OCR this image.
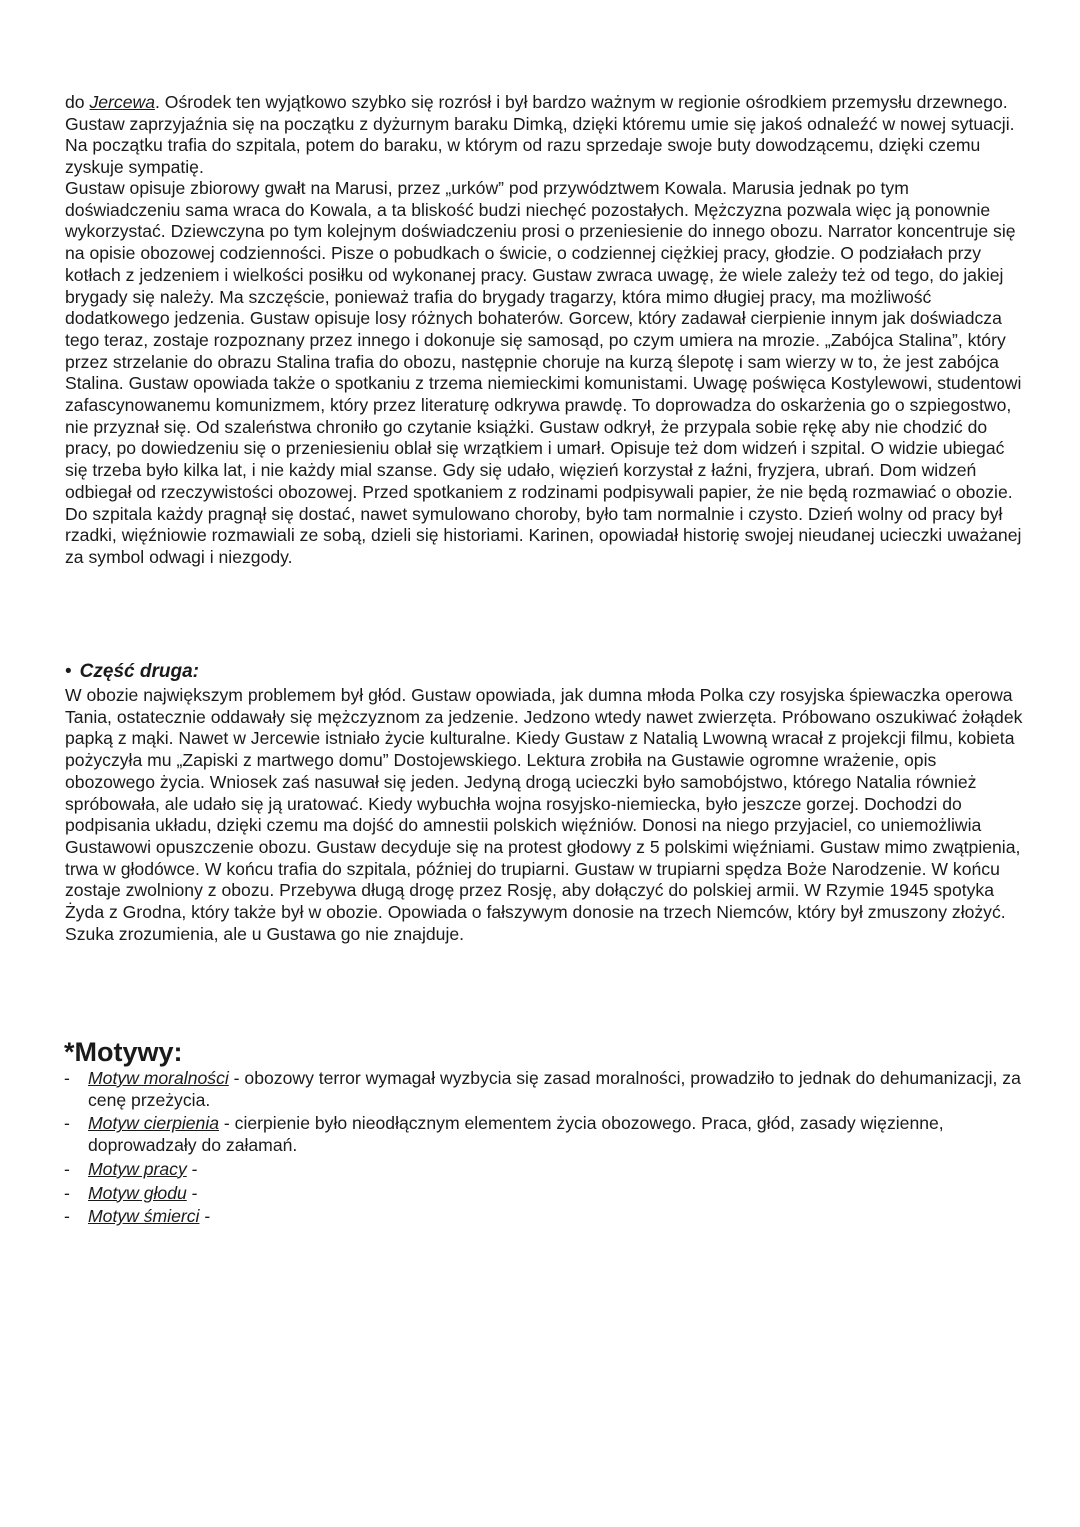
do Jercewa. Ośrodek ten wyjątkowo szybko się rozrósł i był bardzo ważnym w regionie ośrodkiem przemysłu drzewnego. Gustaw zaprzyjaźnia się na początku z dyżurnym baraku Dimką, dzięki któremu umie się jakoś odnaleźć w nowej sytuacji. Na początku trafia do szpitala, potem do baraku, w którym od razu sprzedaje swoje buty dowodzącemu, dzięki czemu zyskuje sympatię.
Gustaw opisuje zbiorowy gwałt na Marusi, przez „urków” pod przywództwem Kowala. Marusia jednak po tym doświadczeniu sama wraca do Kowala, a ta bliskość budzi niechęć pozostałych. Mężczyzna pozwala więc ją ponownie wykorzystać. Dziewczyna po tym kolejnym doświadczeniu prosi o przeniesienie do innego obozu. Narrator koncentruje się na opisie obozowej codzienności. Pisze o pobudkach o świcie, o codziennej ciężkiej pracy, głodzie. O podziałach przy kotłach z jedzeniem i wielkości posiłku od wykonanej pracy. Gustaw zwraca uwagę, że wiele zależy też od tego, do jakiej brygady się należy. Ma szczęście, ponieważ trafia do brygady tragarzy, która mimo długiej pracy, ma możliwość dodatkowego jedzenia. Gustaw opisuje losy różnych bohaterów. Gorcew, który zadawał cierpienie innym jak doświadcza tego teraz, zostaje rozpoznany przez innego i dokonuje się samosąd, po czym umiera na mrozie. „Zabójca Stalina”, który przez strzelanie do obrazu Stalina trafia do obozu, następnie choruje na kurzą ślepotę i sam wierzy w to, że jest zabójca Stalina. Gustaw opowiada także o spotkaniu z trzema niemieckimi komunistami. Uwagę poświęca Kostylewowi, studentowi zafascynowanemu komunizmem, który przez literaturę odkrywa prawdę. To doprowadza do oskarżenia go o szpiegostwo, nie przyznał się. Od szaleństwa chroniło go czytanie książki. Gustaw odkrył, że przypala sobie rękę aby nie chodzić do pracy, po dowiedzeniu się o przeniesieniu oblał się wrzątkiem i umarł. Opisuje też dom widzeń i szpital. O widzie ubiegać się trzeba było kilka lat, i nie każdy mial szanse. Gdy się udało, więzień korzystał z łaźni, fryzjera, ubrań. Dom widzeń odbiegał od rzeczywistości obozowej. Przed spotkaniem z rodzinami podpisywali papier, że nie będą rozmawiać o obozie. Do szpitala każdy pragnął się dostać, nawet symulowano choroby, było tam normalnie i czysto. Dzień wolny od pracy był rzadki, więźniowie rozmawiali ze sobą, dzieli się historiami. Karinen, opowiadał historię swojej nieudanej ucieczki uważanej za symbol odwagi i niezgody.
• Część druga:
W obozie największym problemem był głód. Gustaw opowiada, jak dumna młoda Polka czy rosyjska śpiewaczka operowa Tania, ostatecznie oddawały się mężczyznom za jedzenie. Jedzono wtedy nawet zwierzęta. Próbowano oszukiwać żołądek papką z mąki. Nawet w Jercewie istniało życie kulturalne. Kiedy Gustaw z Natalią Lwowną wracał z projekcji filmu, kobieta pożyczyła mu „Zapiski z martwego domu” Dostojewskiego. Lektura zrobiła na Gustawie ogromne wrażenie, opis obozowego życia. Wniosek zaś nasuwał się jeden. Jedyną drogą ucieczki było samobójstwo, którego Natalia również spróbowała, ale udało się ją uratować. Kiedy wybuchła wojna rosyjsko-niemiecka, było jeszcze gorzej. Dochodzi do podpisania układu, dzięki czemu ma dojść do amnestii polskich więźniów. Donosi na niego przyjaciel, co uniemożliwia Gustawowi opuszczenie obozu. Gustaw decyduje się na protest głodowy z 5 polskimi więźniami. Gustaw mimo zwątpienia, trwa w głodówce. W końcu trafia do szpitala, później do trupiarni. Gustaw w trupiarni spędza Boże Narodzenie. W końcu zostaje zwolniony z obozu. Przebywa długą drogę przez Rosję, aby dołączyć do polskiej armii. W Rzymie 1945 spotyka Żyda z Grodna, który także był w obozie. Opowiada o fałszywym donosie na trzech Niemców, który był zmuszony złożyć. Szuka zrozumienia, ale u Gustawa go nie znajduje.
*Motywy:
- Motyw moralności - obozowy terror wymagał wyzbycia się zasad moralności, prowadziło to jednak do dehumanizacji, za cenę przeżycia.
- Motyw cierpienia - cierpienie było nieodłącznym elementem życia obozowego. Praca, głód, zasady więzienne, doprowadzały do załamań.
- Motyw pracy -
- Motyw głodu -
- Motyw śmierci -
